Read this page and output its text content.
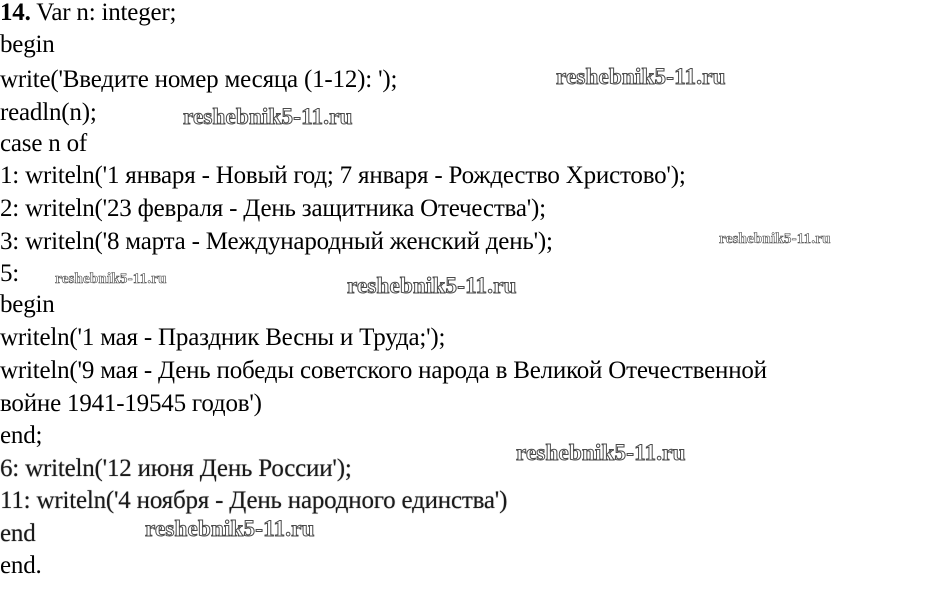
14. Var n: integer;
begin
write('Введите номер месяца (1-12): ');
readln(n);
case n of
1: writeln('1 января - Новый год; 7 января - Рождество Христово');
2: writeln('23 февраля - День защитника Отечества');
3: writeln('8 марта - Международный женский день');
5:
begin
writeln('1 мая - Праздник Весны и Труда;');
writeln('9 мая - День победы советского народа в Великой Отечественной
войне 1941-19545 годов')
end;
6: writeln('12 июня День России');
11: writeln('4 ноября - День народного единства')
end
end.
reshebnik5-11.ru
reshebnik5-11.ru
reshebnik5-11.ru
reshebnik5-11.ru	reshebnik5-11.ru
reshebnik5-11.ru
reshebnik5-11.ru
